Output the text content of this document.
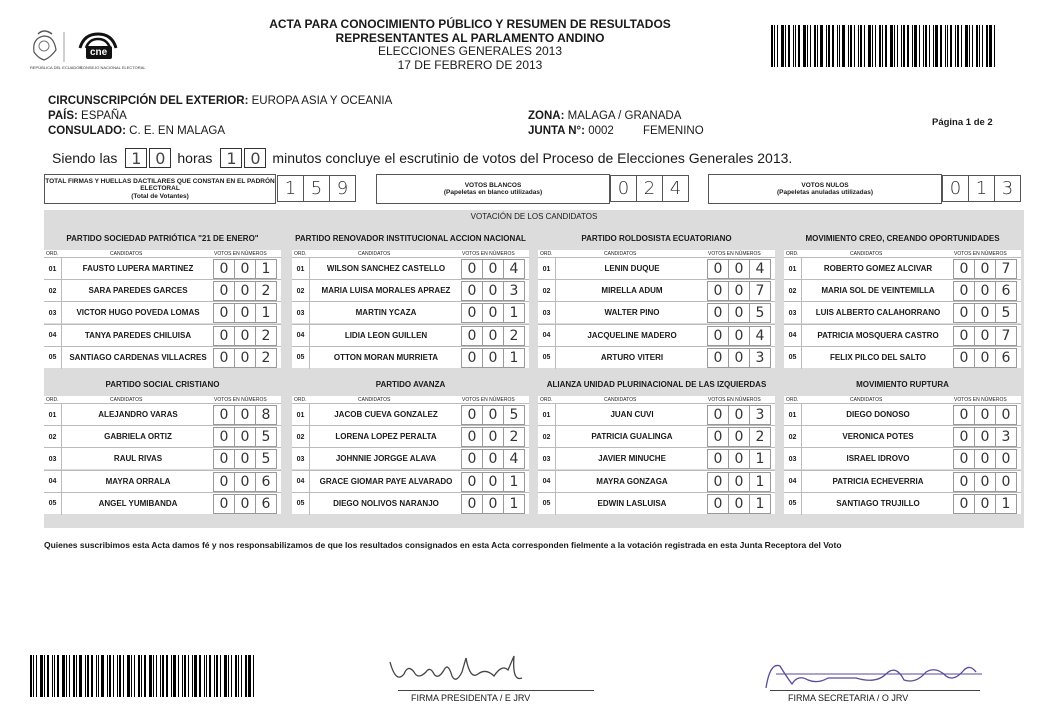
cne
REPÚBLICA DEL ECUADOR
CONSEJO NACIONAL ELECTORAL
ACTA PARA CONOCIMIENTO PÚBLICO Y RESUMEN DE RESULTADOS
REPRESENTANTES AL PARLAMENTO ANDINO
ELECCIONES GENERALES 2013
17 DE FEBRERO DE 2013
CIRCUNSCRIPCIÓN DEL EXTERIOR: EUROPA ASIA Y OCEANIA
PAÍS: ESPAÑA
CONSULADO: C. E. EN MALAGA
ZONA: MALAGA / GRANADA
JUNTA N°: 0002	FEMENINO
Página 1 de 2
Siendo las 1 0 horas 1 0 minutos concluye el escrutinio de votos del Proceso de Elecciones Generales 2013.
TOTAL FIRMAS Y HUELLAS DACTILARES QUE CONSTAN EN EL PADRÓN ELECTORAL
(Total de Votantes)	1 5 9	VOTOS BLANCOS
(Papeletas en blanco utilizadas)	0 2 4	VOTOS NULOS
(Papeletas anuladas utilizadas)	0 1 3
VOTACIÓN DE LOS CANDIDATOS
PARTIDO SOCIEDAD PATRIÓTICA "21 DE ENERO"
ORD.	CANDIDATOS	VOTOS EN NÚMEROS
01	FAUSTO LUPERA MARTINEZ	0 0 1
02	SARA PAREDES GARCES	0 0 2
03	VICTOR HUGO POVEDA LOMAS	0 0 1
04	TANYA PAREDES CHILUISA	0 0 2
05	SANTIAGO CARDENAS VILLACRES 0 0 2
PARTIDO RENOVADOR INSTITUCIONAL ACCION NACIONAL
ORD.	CANDIDATOS	VOTOS EN NÚMEROS
01	WILSON SANCHEZ CASTELLO	0 0 4
02	MARIA LUISA MORALES APRAEZ	0 0 3
03	MARTIN YCAZA	0 0 1
04	LIDIA LEON GUILLEN	0 0 2
05	OTTON MORAN MURRIETA	0 0 1
PARTIDO ROLDOSISTA ECUATORIANO
ORD.	CANDIDATOS	VOTOS EN NÚMEROS
01	LENIN DUQUE	0 0 4
02	MIRELLA ADUM	0 0 7
03	WALTER PINO	0 0 5
04	JACQUELINE MADERO	0 0 4
05	ARTURO VITERI	0 0 3
MOVIMIENTO CREO, CREANDO OPORTUNIDADES
ORD.	CANDIDATOS	VOTOS EN NÚMEROS
01	ROBERTO GOMEZ ALCIVAR	0 0 7
02	MARIA SOL DE VEINTEMILLA	0 0 6
03	LUIS ALBERTO CALAHORRANO	0 0 5
04	PATRICIA MOSQUERA CASTRO	0 0 7
05	FELIX PILCO DEL SALTO	0 0 6
PARTIDO SOCIAL CRISTIANO
ORD.	CANDIDATOS	VOTOS EN NÚMEROS
01	ALEJANDRO VARAS	0 0 8
02	GABRIELA ORTIZ	0 0 5
03	RAUL RIVAS	0 0 5
04	MAYRA ORRALA	0 0 6
05	ANGEL YUMIBANDA	0 0 6
PARTIDO AVANZA
ORD.	CANDIDATOS	VOTOS EN NÚMEROS
01	JACOB CUEVA GONZALEZ	0 0 5
02	LORENA LOPEZ PERALTA	0 0 2
03	JOHNNIE JORGGE ALAVA	0 0 4
04	GRACE GIOMAR PAYE ALVARADO	0 0 1
05	DIEGO NOLIVOS NARANJO	0 0 1
ALIANZA UNIDAD PLURINACIONAL DE LAS IZQUIERDAS
ORD.	CANDIDATOS	VOTOS EN NÚMEROS
01	JUAN CUVI	0 0 3
02	PATRICIA GUALINGA	0 0 2
03	JAVIER MINUCHE	0 0 1
04	MAYRA GONZAGA	0 0 1
05	EDWIN LASLUISA	0 0 1
MOVIMIENTO RUPTURA
ORD.	CANDIDATOS	VOTOS EN NÚMEROS
01	DIEGO DONOSO	0 0 0
02	VERONICA POTES	0 0 3
03	ISRAEL IDROVO	0 0 0
04	PATRICIA ECHEVERRIA	0 0 0
05	SANTIAGO TRUJILLO	0 0 1
Quienes suscribimos esta Acta damos fé y nos responsabilizamos de que los resultados consignados en esta Acta corresponden fielmente a la votación registrada en esta Junta Receptora del Voto
FIRMA PRESIDENTA / E JRV	FIRMA SECRETARIA / O JRV
